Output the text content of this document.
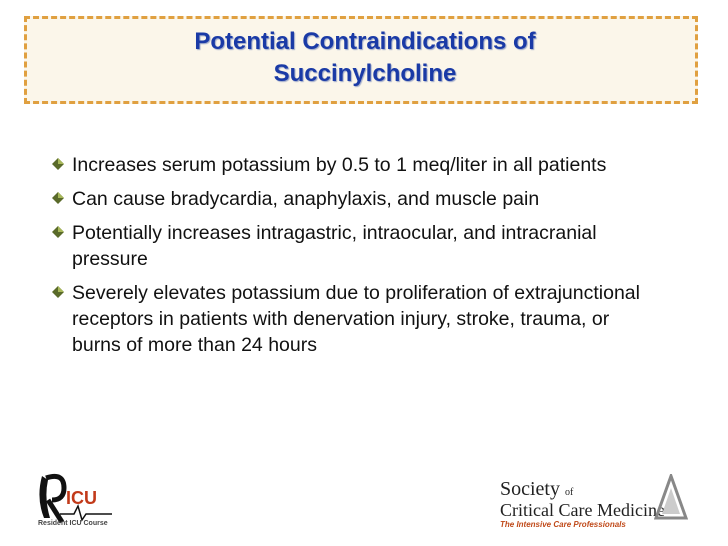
Potential Contraindications of
Succinylcholine
Increases serum potassium by 0.5 to 1 meq/liter in all patients
Can cause bradycardia, anaphylaxis, and muscle pain
Potentially increases intragastric, intraocular, and intracranial pressure
Severely elevates potassium due to proliferation of extrajunctional receptors in patients with denervation injury, stroke, trauma, or burns of more than 24 hours
ICU
Resident ICU Course
Society of
Critical Care Medicine
The Intensive Care Professionals
